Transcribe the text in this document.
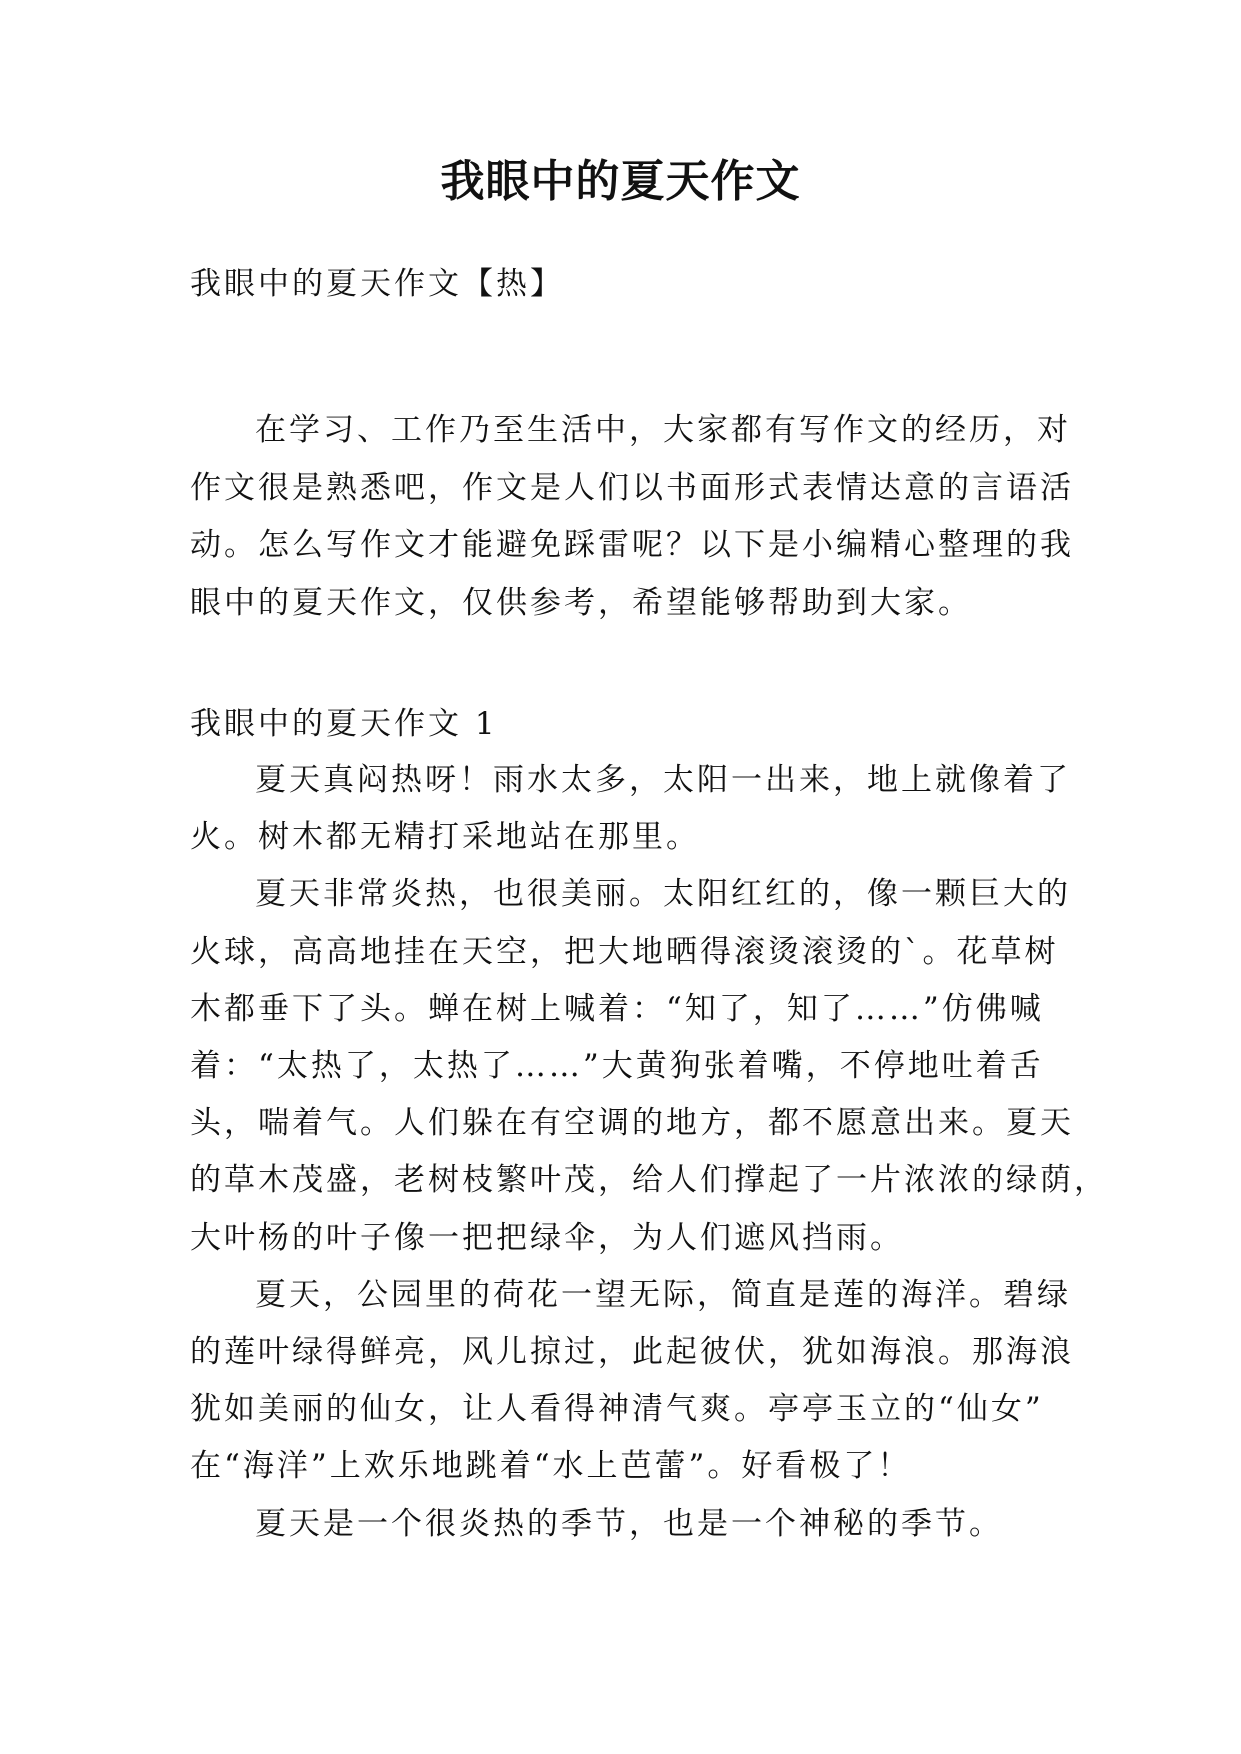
我眼中的夏天作文
我眼中的夏天作文【热】
在学习、工作乃至生活中，大家都有写作文的经历，对
作文很是熟悉吧，作文是人们以书面形式表情达意的言语活
动。怎么写作文才能避免踩雷呢？以下是小编精心整理的我
眼中的夏天作文，仅供参考，希望能够帮助到大家。
我眼中的夏天作文 1
夏天真闷热呀！雨水太多，太阳一出来，地上就像着了
火。树木都无精打采地站在那里。
夏天非常炎热，也很美丽。太阳红红的，像一颗巨大的
火球，高高地挂在天空，把大地晒得滚烫滚烫的`。花草树
木都垂下了头。蝉在树上喊着：“知了，知了……”仿佛喊
着：“太热了，太热了……”大黄狗张着嘴，不停地吐着舌
头，喘着气。人们躲在有空调的地方，都不愿意出来。夏天
的草木茂盛，老树枝繁叶茂，给人们撑起了一片浓浓的绿荫，
大叶杨的叶子像一把把绿伞，为人们遮风挡雨。
夏天，公园里的荷花一望无际，简直是莲的海洋。碧绿
的莲叶绿得鲜亮，风儿掠过，此起彼伏，犹如海浪。那海浪
犹如美丽的仙女，让人看得神清气爽。亭亭玉立的“仙女”
在“海洋”上欢乐地跳着“水上芭蕾”。好看极了！
夏天是一个很炎热的季节，也是一个神秘的季节。
